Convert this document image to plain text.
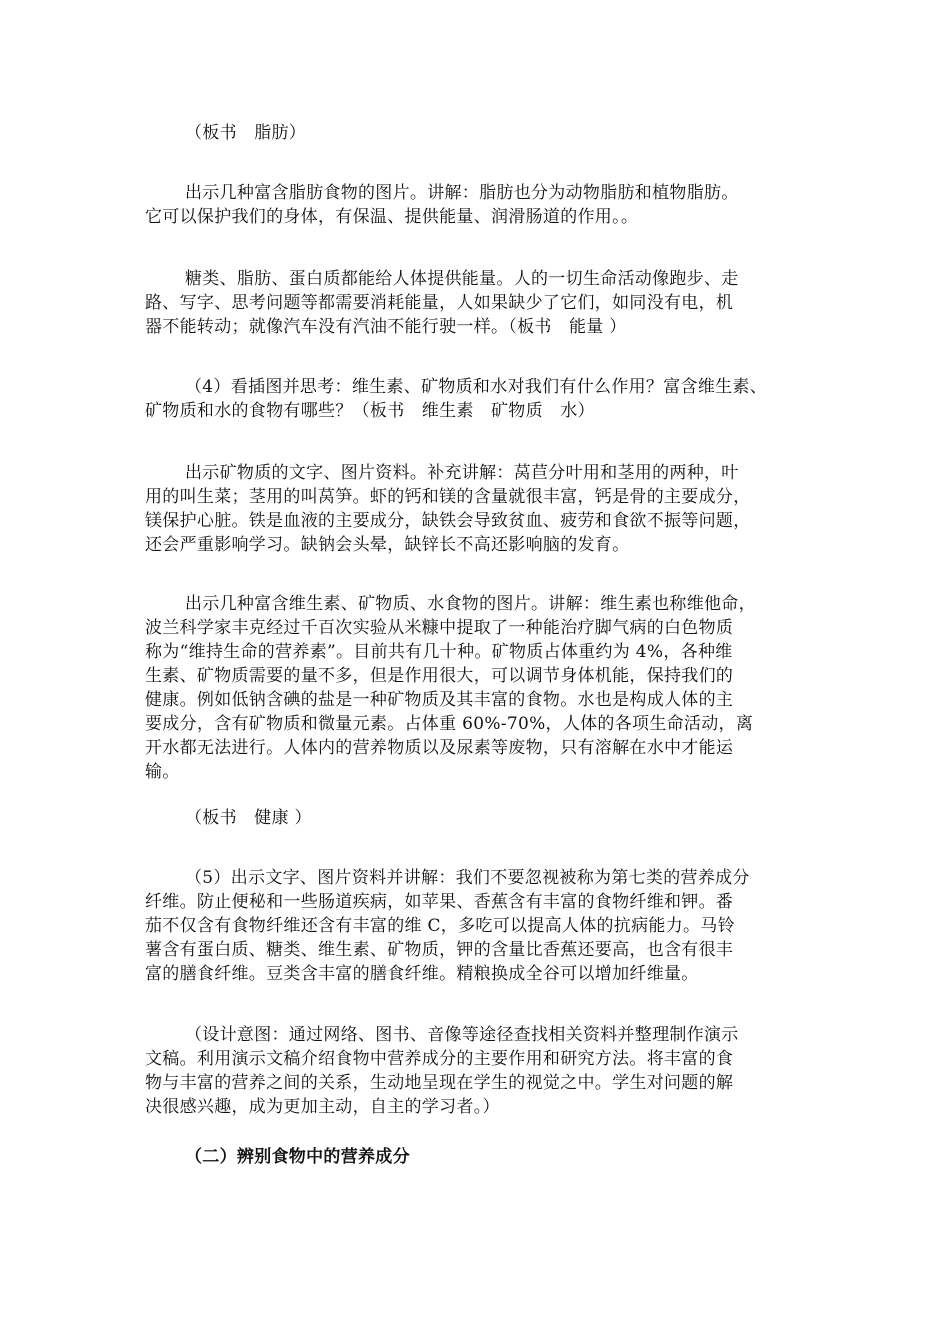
（板书　脂肪）
出示几种富含脂肪食物的图片。讲解：脂肪也分为动物脂肪和植物脂肪。
它可以保护我们的身体，有保温、提供能量、润滑肠道的作用。。
糖类、脂肪、蛋白质都能给人体提供能量。人的一切生命活动像跑步、走
路、写字、思考问题等都需要消耗能量，人如果缺少了它们，如同没有电，机
器不能转动；就像汽车没有汽油不能行驶一样。（板书　能量 ）
（4）看插图并思考：维生素、矿物质和水对我们有什么作用？富含维生素、
矿物质和水的食物有哪些？（板书　维生素　矿物质　水）
出示矿物质的文字、图片资料。补充讲解：莴苣分叶用和茎用的两种，叶
用的叫生菜；茎用的叫莴笋。虾的钙和镁的含量就很丰富，钙是骨的主要成分，
镁保护心脏。铁是血液的主要成分，缺铁会导致贫血、疲劳和食欲不振等问题，
还会严重影响学习。缺钠会头晕，缺锌长不高还影响脑的发育。
出示几种富含维生素、矿物质、水食物的图片。讲解：维生素也称维他命，
波兰科学家丰克经过千百次实验从米糠中提取了一种能治疗脚气病的白色物质
称为“维持生命的营养素”。目前共有几十种。矿物质占体重约为 4%，各种维
生素、矿物质需要的量不多，但是作用很大，可以调节身体机能，保持我们的
健康。例如低钠含碘的盐是一种矿物质及其丰富的食物。水也是构成人体的主
要成分，含有矿物质和微量元素。占体重 60%-70%，人体的各项生命活动，离
开水都无法进行。人体内的营养物质以及尿素等废物，只有溶解在水中才能运
输。
（板书　健康 ）
（5）出示文字、图片资料并讲解：我们不要忽视被称为第七类的营养成分
纤维。防止便秘和一些肠道疾病，如苹果、香蕉含有丰富的食物纤维和钾。番
茄不仅含有食物纤维还含有丰富的维 C，多吃可以提高人体的抗病能力。马铃
薯含有蛋白质、糖类、维生素、矿物质，钾的含量比香蕉还要高，也含有很丰
富的膳食纤维。豆类含丰富的膳食纤维。精粮换成全谷可以增加纤维量。
（设计意图：通过网络、图书、音像等途径查找相关资料并整理制作演示
文稿。利用演示文稿介绍食物中营养成分的主要作用和研究方法。将丰富的食
物与丰富的营养之间的关系，生动地呈现在学生的视觉之中。学生对问题的解
决很感兴趣，成为更加主动，自主的学习者。）
（二）辨别食物中的营养成分
